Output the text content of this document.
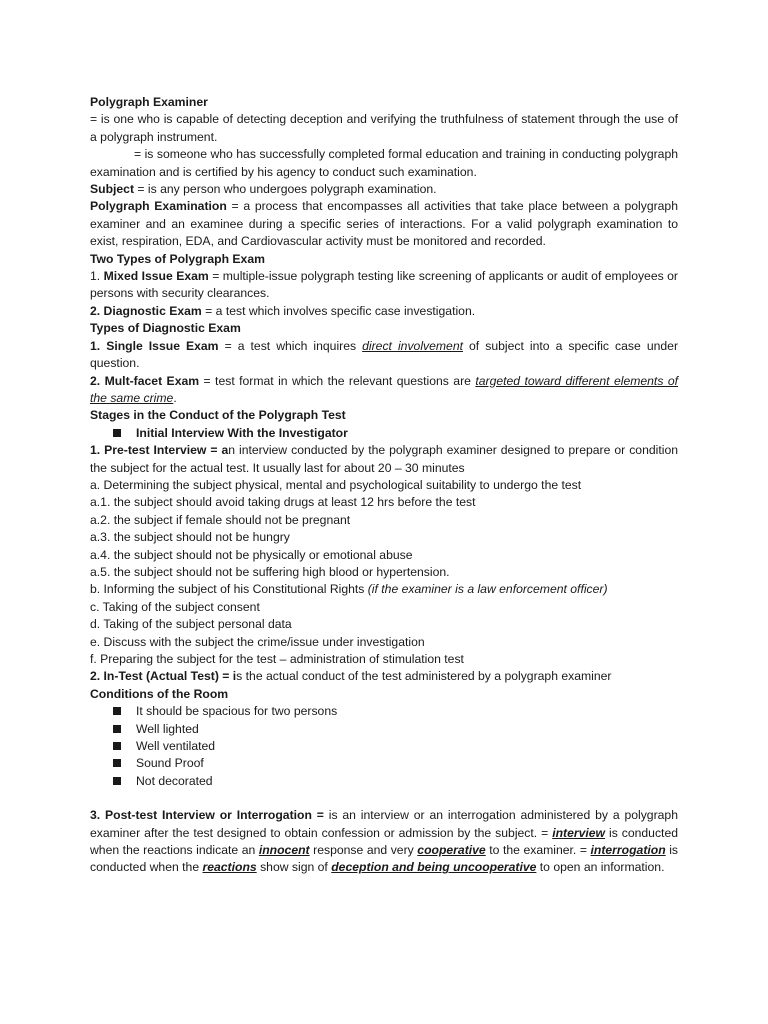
Polygraph Examiner

= is one who is capable of detecting deception and verifying the truthfulness of statement through the use of a polygraph instrument.

= is someone who has successfully completed formal education and training in conducting polygraph examination and is certified by his agency to conduct such examination.

Subject = is any person who undergoes polygraph examination.

Polygraph Examination = a process that encompasses all activities that take place between a polygraph examiner and an examinee during a specific series of interactions. For a valid polygraph examination to exist, respiration, EDA, and Cardiovascular activity must be monitored and recorded.

Two Types of Polygraph Exam

1. Mixed Issue Exam = multiple-issue polygraph testing like screening of applicants or audit of employees or persons with security clearances.

2. Diagnostic Exam = a test which involves specific case investigation.

Types of Diagnostic Exam

1. Single Issue Exam = a test which inquires direct involvement of subject into a specific case under question.

2. Mult-facet Exam = test format in which the relevant questions are targeted toward different elements of the same crime.

Stages in the Conduct of the Polygraph Test

Initial Interview With the Investigator

1. Pre-test Interview = an interview conducted by the polygraph examiner designed to prepare or condition the subject for the actual test. It usually last for about 20 – 30 minutes

a. Determining the subject physical, mental and psychological suitability to undergo the test

a.1. the subject should avoid taking drugs at least 12 hrs before the test

a.2. the subject if female should not be pregnant

a.3. the subject should not be hungry

a.4. the subject should not be physically or emotional abuse

a.5. the subject should not be suffering high blood or hypertension.

b. Informing the subject of his Constitutional Rights (if the examiner is a law enforcement officer)

c. Taking of the subject consent

d. Taking of the subject personal data

e. Discuss with the subject the crime/issue under investigation

f. Preparing the subject for the test – administration of stimulation test

2. In-Test (Actual Test) = is the actual conduct of the test administered by a polygraph examiner

Conditions of the Room

It should be spacious for two persons

Well lighted

Well ventilated

Sound Proof

Not decorated

3. Post-test Interview or Interrogation = is an interview or an interrogation administered by a polygraph examiner after the test designed to obtain confession or admission by the subject. = interview is conducted when the reactions indicate an innocent response and very cooperative to the examiner. = interrogation is conducted when the reactions show sign of deception and being uncooperative to open an information.
